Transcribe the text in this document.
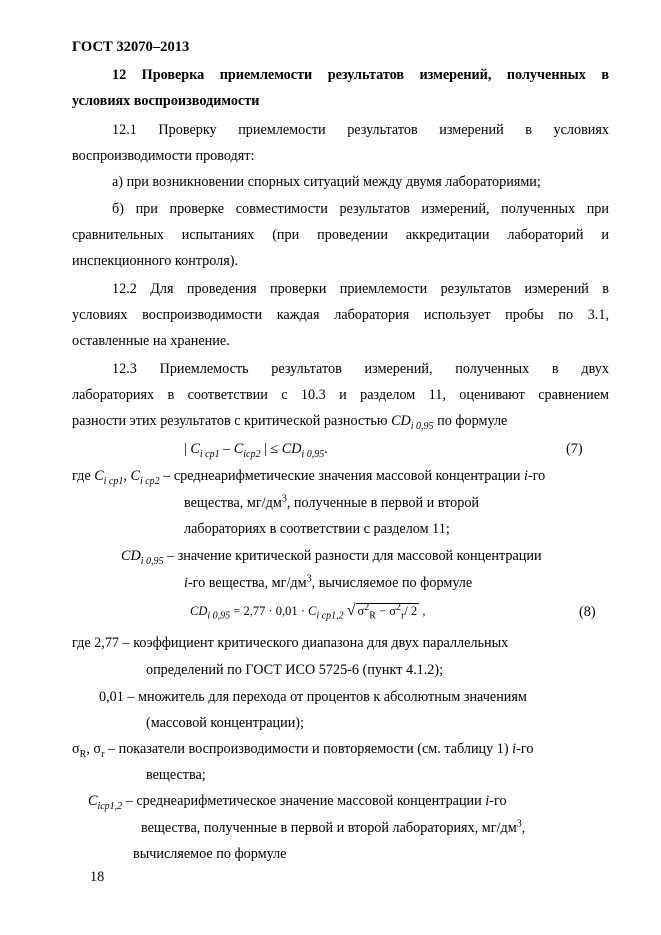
ГОСТ 32070–2013
12 Проверка приемлемости результатов измерений, полученных в
условиях воспроизводимости
12.1 Проверку приемлемости результатов измерений в условиях
воспроизводимости проводят:
а) при возникновении спорных ситуаций между двумя лабораториями;
б) при проверке совместимости результатов измерений, полученных при
сравнительных испытаниях (при проведении аккредитации лабораторий и
инспекционного контроля).
12.2 Для проведения проверки приемлемости результатов измерений в
условиях воспроизводимости каждая лаборатория использует пробы по 3.1,
оставленные на хранение.
12.3 Приемлемость результатов измерений, полученных в двух
лабораториях в соответствии с 10.3 и разделом 11, оценивают сравнением
разности этих результатов с критической разностью $CD_{i 0,95}$ по формуле
| $C_{i ср1} - C_{iср2}$ | ≤ $CD_{i 0,95}$.	(7)
где $C_{i ср1}$, $C_{i ср2}$ – среднеарифметические значения массовой концентрации i-го
вещества, $мг/дм^3$, полученные в первой и второй
лабораториях в соответствии с разделом 11;
$CD_{i 0,95}$ – значение критической разности для массовой концентрации
i-го вещества, $мг/дм^3$, вычисляемое по формуле
$CD_{i 0,95} = 2,77 \cdot 0,01 \cdot C_{i ср1,2}$ √ $\sigma^2_R - \sigma^2_r/$ 2 ,	(8)
где 2,77 – коэффициент критического диапазона для двух параллельных
определений по ГОСТ ИСО 5725-6 (пункт 4.1.2);
0,01 – множитель для перехода от процентов к абсолютным значениям
(массовой концентрации);
$\sigma_R$, $\sigma_r$ – показатели воспроизводимости и повторяемости (см. таблицу 1) i-го
вещества;
$C_{iср1,2}$ – среднеарифметическое значение массовой концентрации i-го
вещества, полученные в первой и второй лабораториях, $мг/дм^3$,
вычисляемое по формуле
18
